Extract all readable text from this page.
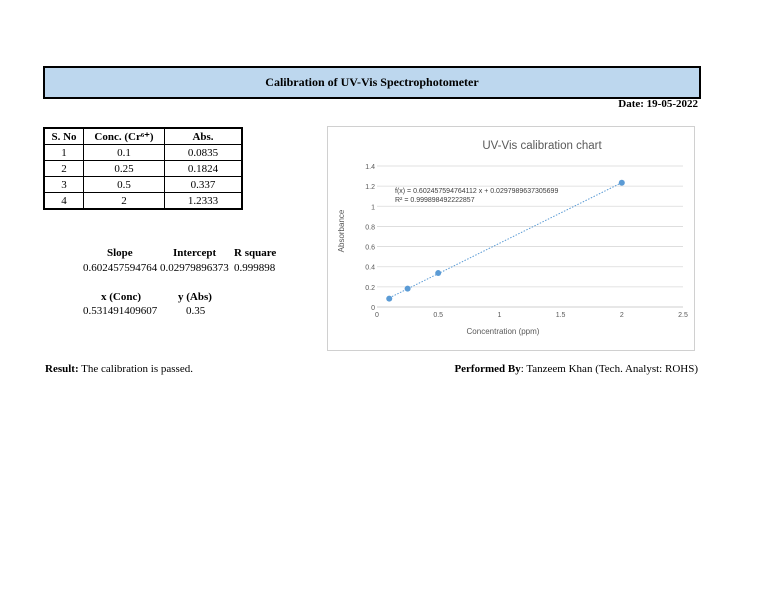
Calibration of UV-Vis Spectrophotometer
Date: 19-05-2022
S. No	Conc. (Cr⁶⁺)	Abs.
1	0.1	0.0835
2	0.25	0.1824
3	0.5	0.337
4	2	1.2333
Slope	Intercept R square
0.602457594764 0.02979896373 0.999898
x (Conc)	y (Abs)
0.531491409607	0.35
UV-Vis calibration chart
0
0.2
0.4
0.6
0.8
1
1.2
1.4
0	0.5	1	1.5	2	2.5
f(x) = 0.602457594764112 x + 0.0297989637305699
R² = 0.999898492222857
Concentration (ppm)
Absorbance
Result: The calibration is passed.	Performed By: Tanzeem Khan (Tech. Analyst: ROHS)
